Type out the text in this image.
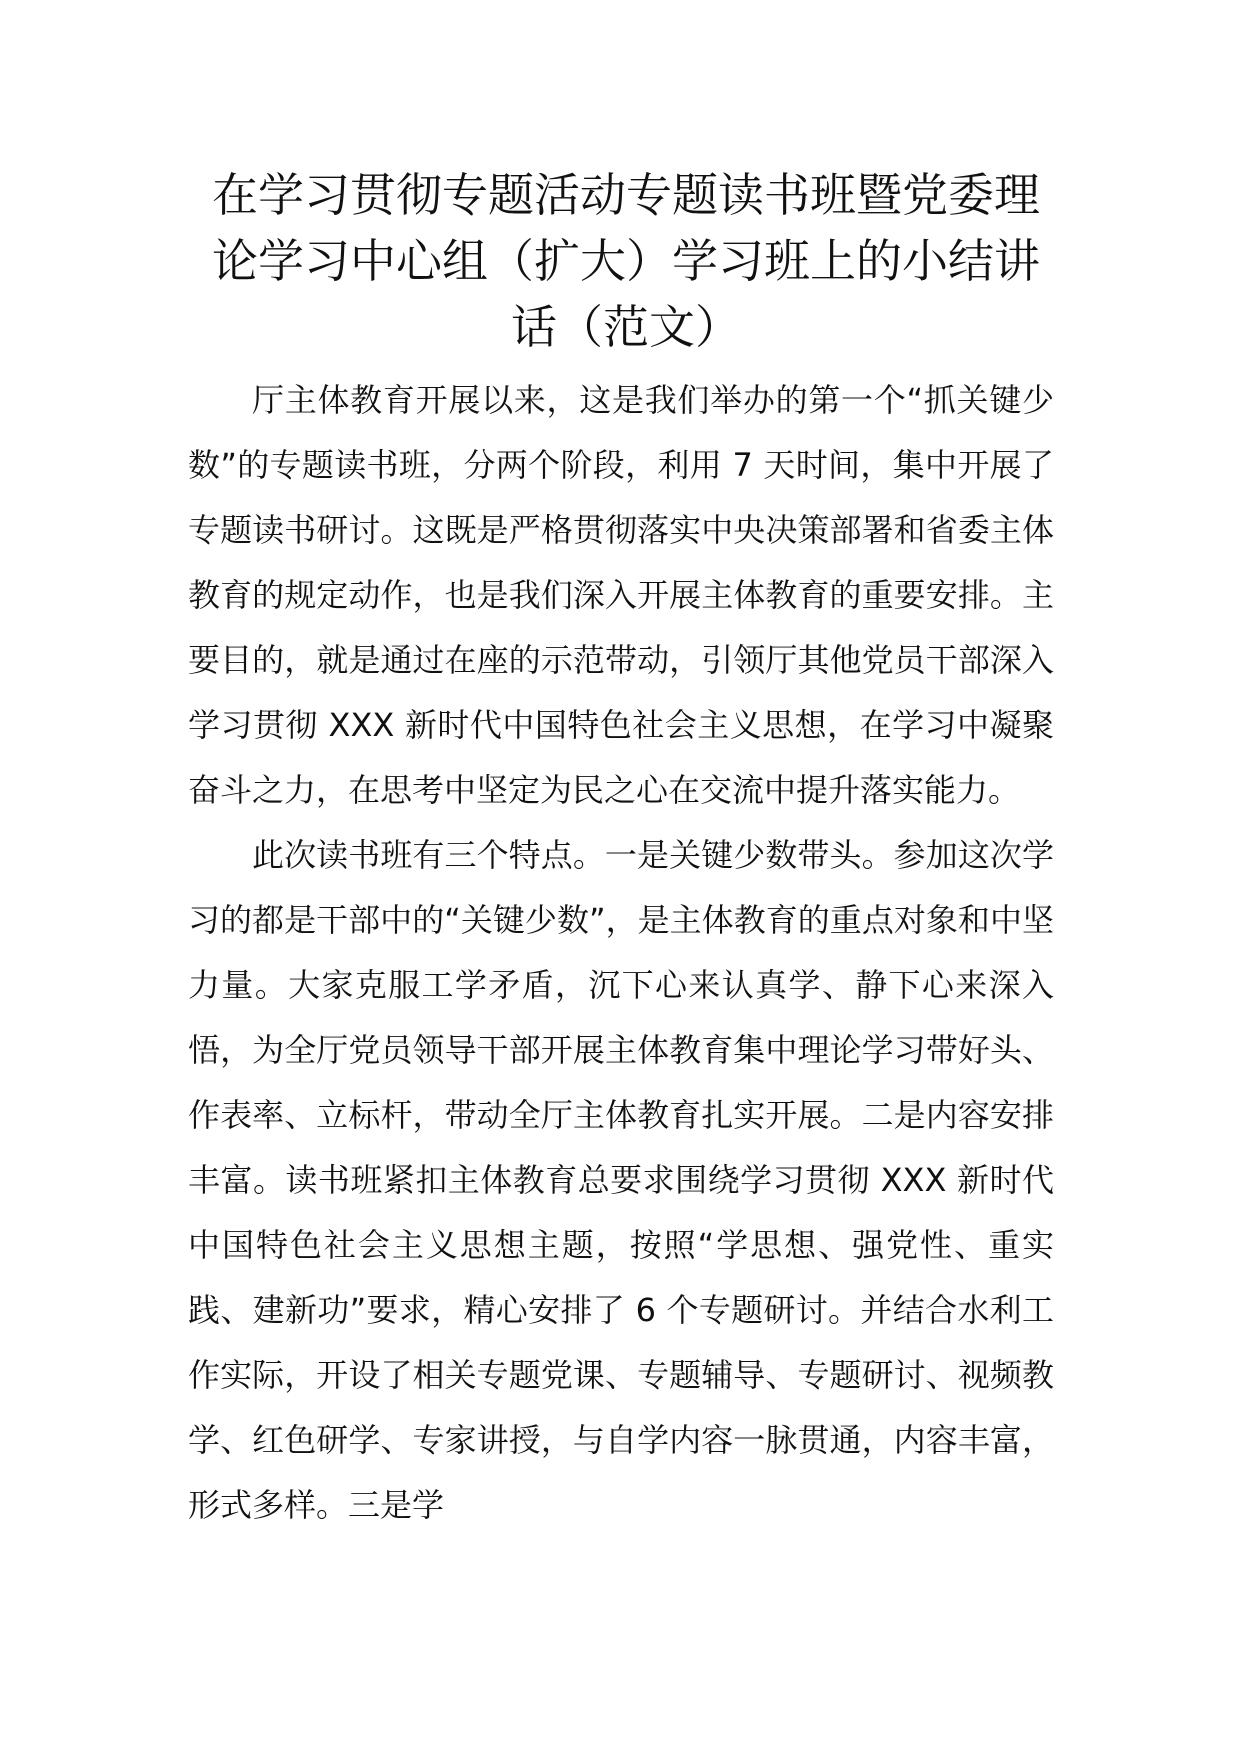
在学习贯彻专题活动专题读书班暨党委理论学习中心组（扩大）学习班上的小结讲话（范文）

厅主体教育开展以来，这是我们举办的第一个“抓关键少数”的专题读书班，分两个阶段，利用 7 天时间，集中开展了专题读书研讨。这既是严格贯彻落实中央决策部署和省委主体教育的规定动作，也是我们深入开展主体教育的重要安排。主要目的，就是通过在座的示范带动，引领厅其他党员干部深入学习贯彻 XXX 新时代中国特色社会主义思想，在学习中凝聚奋斗之力，在思考中坚定为民之心在交流中提升落实能力。

此次读书班有三个特点。一是关键少数带头。参加这次学习的都是干部中的“关键少数”，是主体教育的重点对象和中坚力量。大家克服工学矛盾，沉下心来认真学、静下心来深入悟，为全厅党员领导干部开展主体教育集中理论学习带好头、作表率、立标杆，带动全厅主体教育扎实开展。二是内容安排丰富。读书班紧扣主体教育总要求围绕学习贯彻 XXX 新时代中国特色社会主义思想主题，按照“学思想、强党性、重实践、建新功”要求，精心安排了 6 个专题研讨。并结合水利工作实际，开设了相关专题党课、专题辅导、专题研讨、视频教学、红色研学、专家讲授，与自学内容一脉贯通，内容丰富，形式多样。三是学
